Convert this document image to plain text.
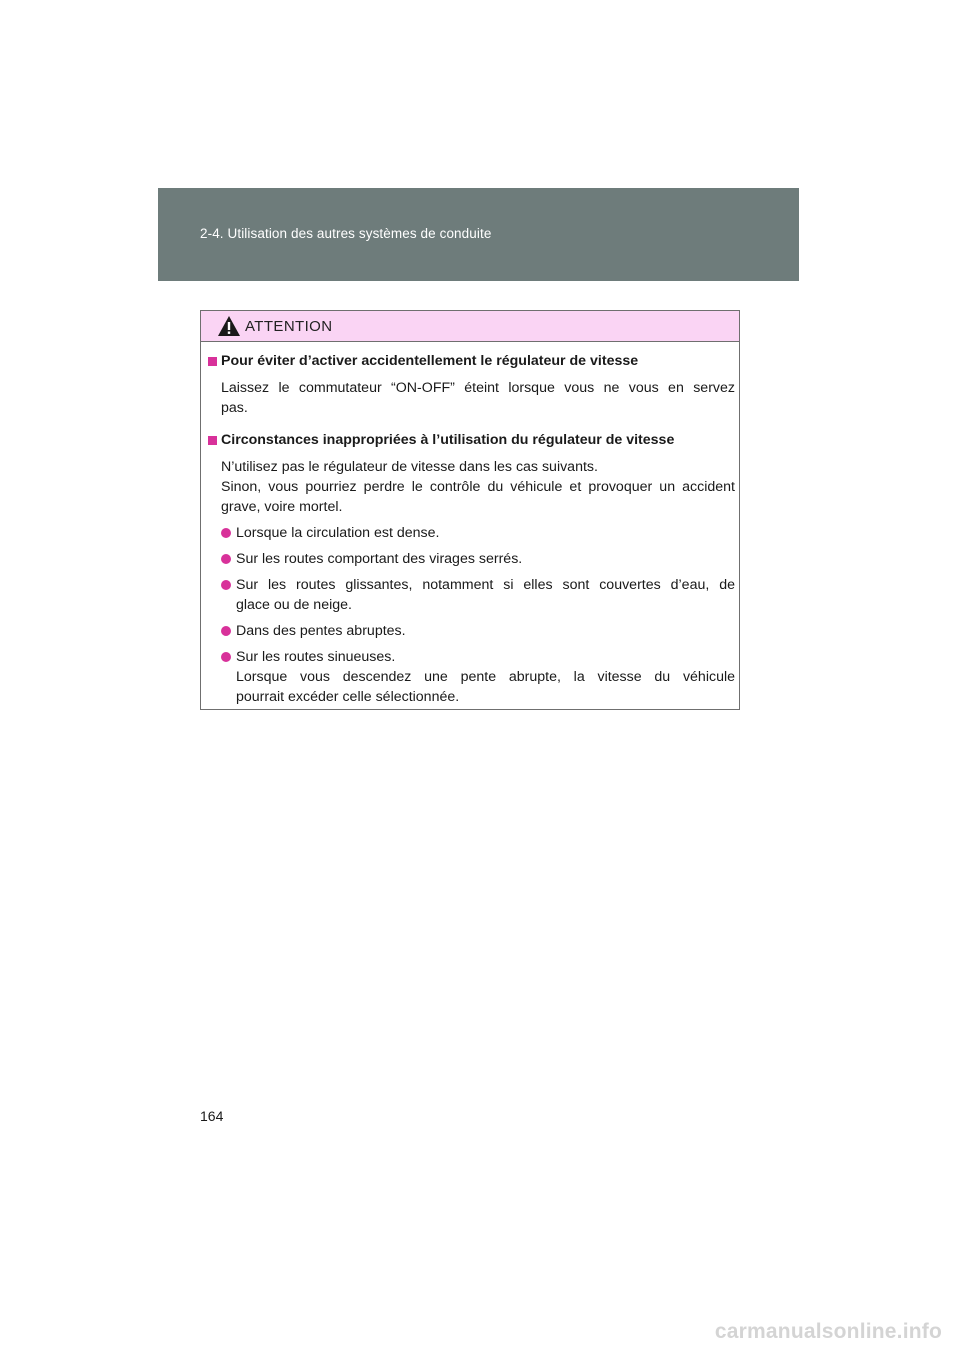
2-4. Utilisation des autres systèmes de conduite
ATTENTION
Pour éviter d’activer accidentellement le régulateur de vitesse
Laissez le commutateur “ON-OFF” éteint lorsque vous ne vous en servez
pas.
Circonstances inappropriées à l’utilisation du régulateur de vitesse
N’utilisez pas le régulateur de vitesse dans les cas suivants.
Sinon, vous pourriez perdre le contrôle du véhicule et provoquer un accident
grave, voire mortel.
Lorsque la circulation est dense.
Sur les routes comportant des virages serrés.
Sur les routes glissantes, notamment si elles sont couvertes d’eau, de
glace ou de neige.
Dans des pentes abruptes.
Sur les routes sinueuses.
Lorsque vous descendez une pente abrupte, la vitesse du véhicule
pourrait excéder celle sélectionnée.
164
carmanualsonline.info
